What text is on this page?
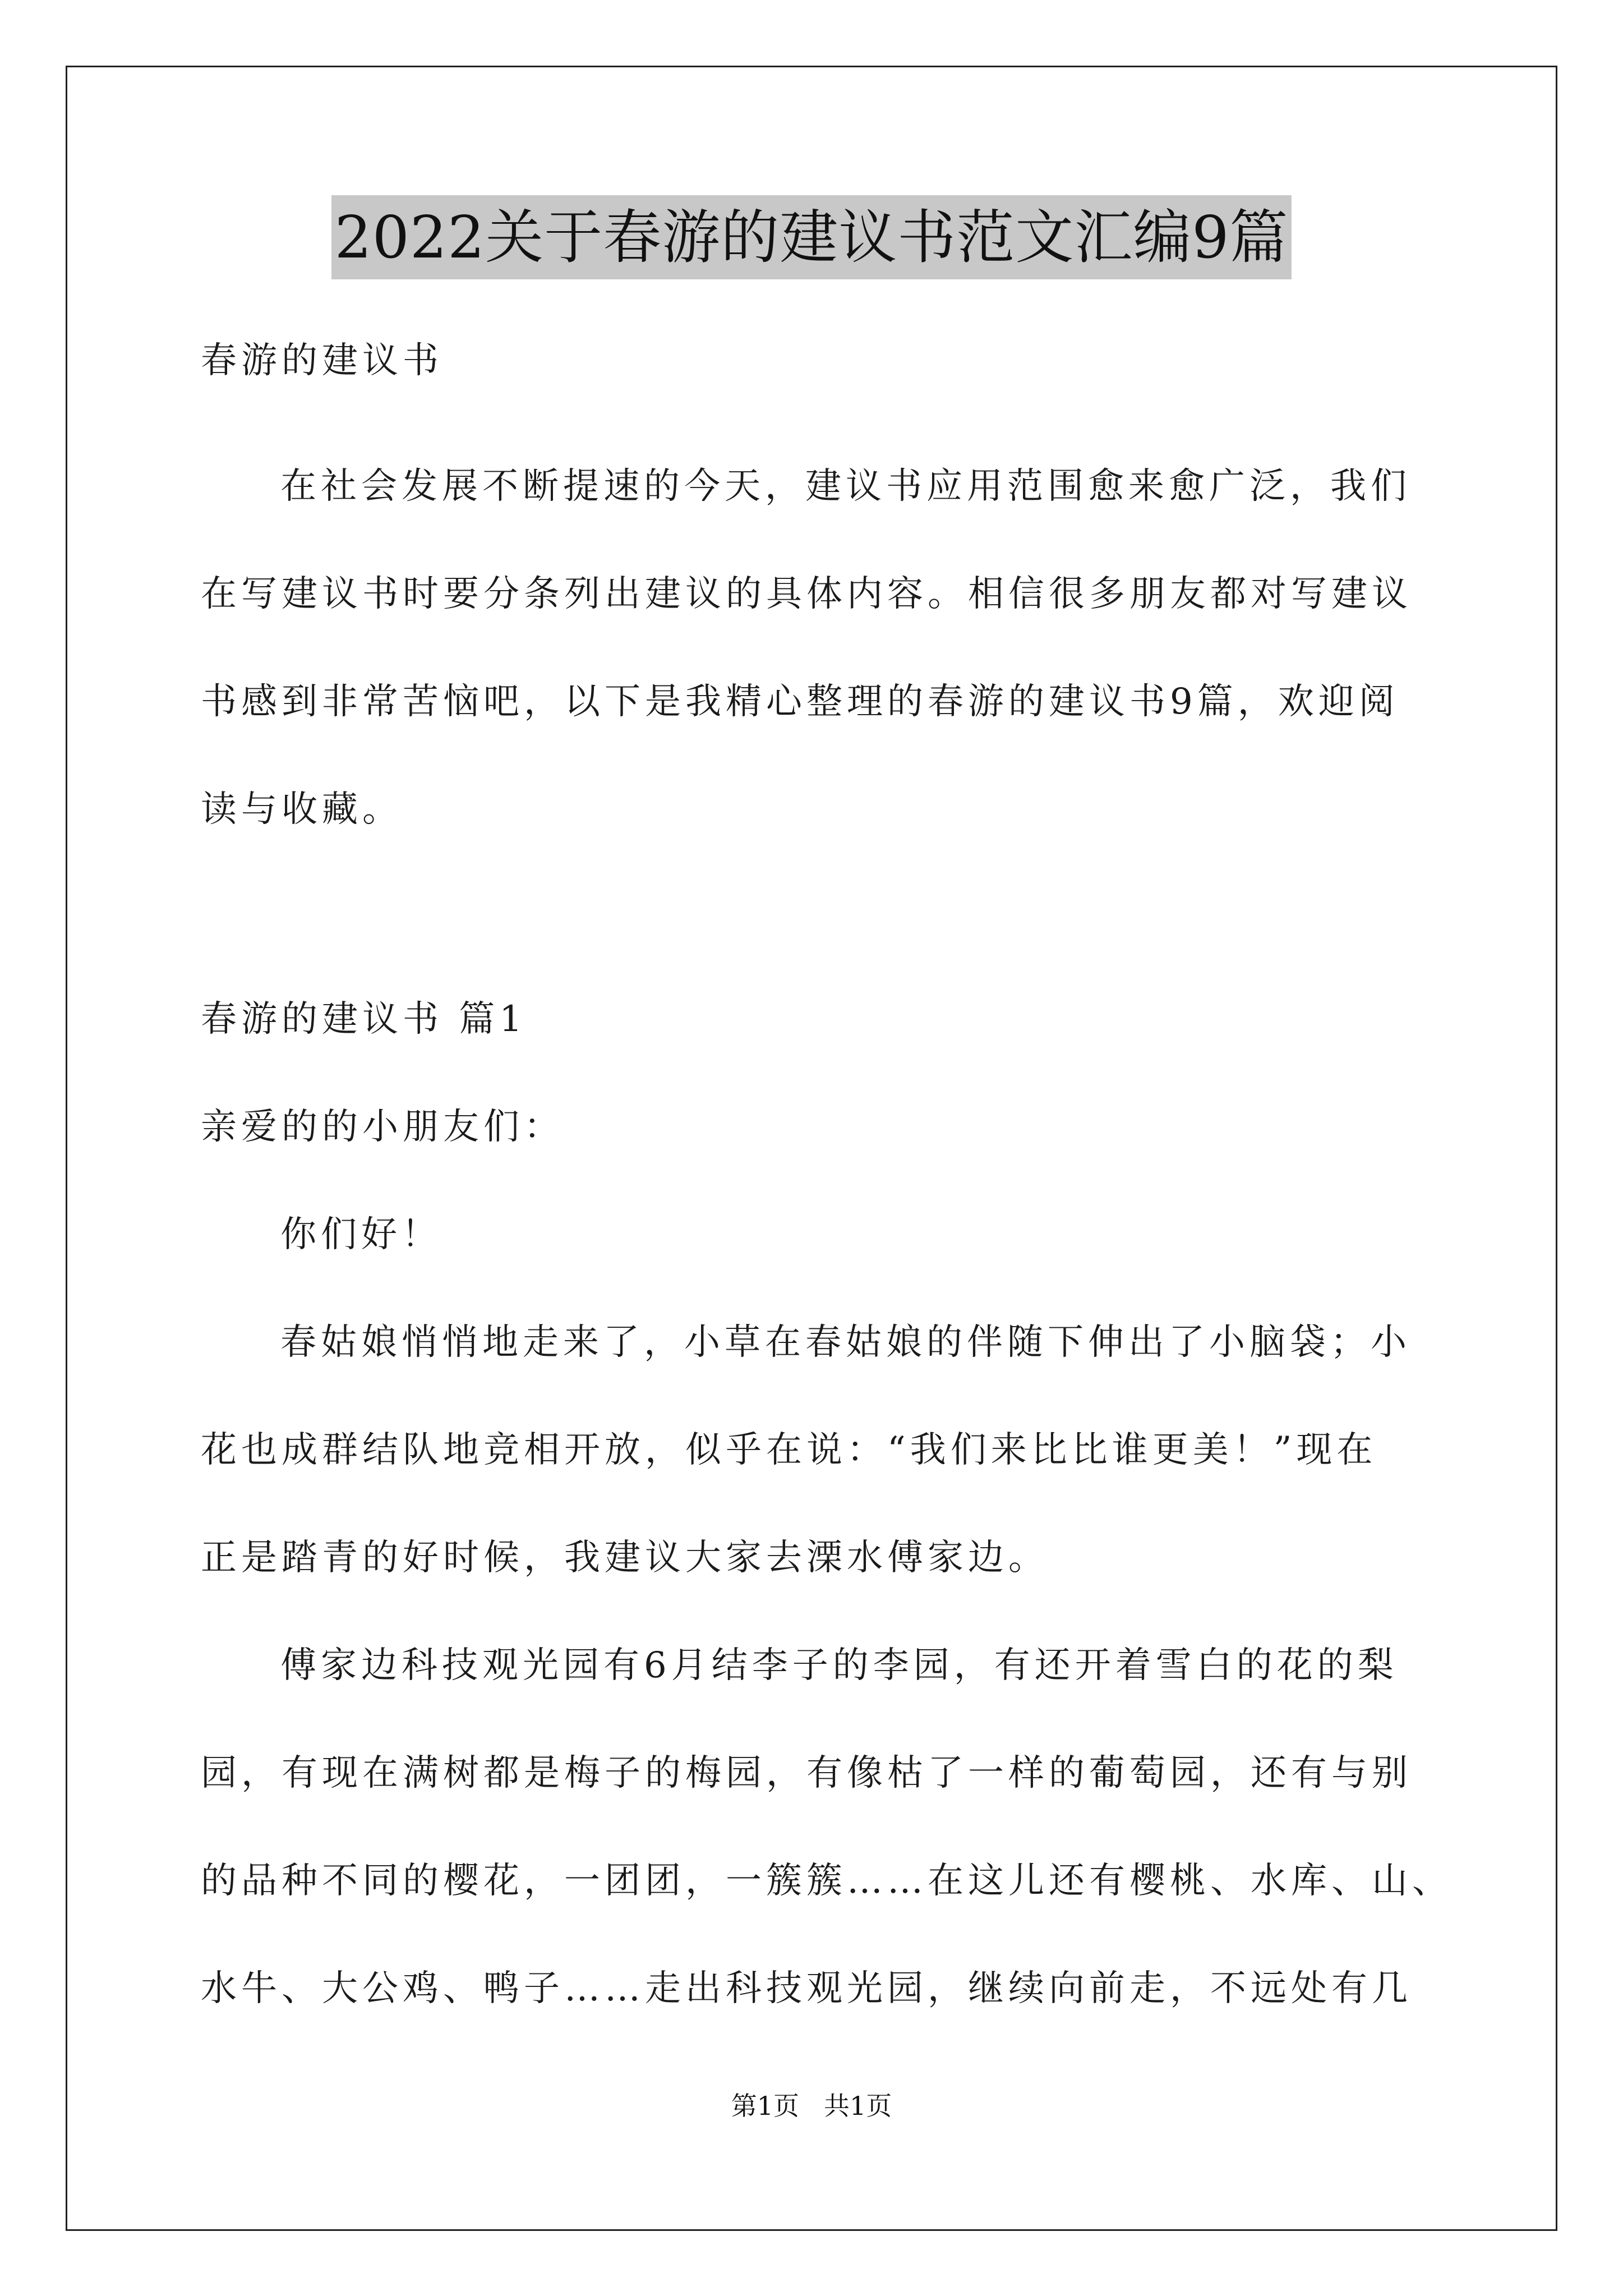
2022关于春游的建议书范文汇编9篇
春游的建议书
在社会发展不断提速的今天，建议书应用范围愈来愈广泛，我们
在写建议书时要分条列出建议的具体内容。相信很多朋友都对写建议
书感到非常苦恼吧，以下是我精心整理的春游的建议书9篇，欢迎阅
读与收藏。
春游的建议书 篇1
亲爱的的小朋友们：
你们好！
春姑娘悄悄地走来了，小草在春姑娘的伴随下伸出了小脑袋；小
花也成群结队地竞相开放，似乎在说：“我们来比比谁更美！”现在
正是踏青的好时候，我建议大家去溧水傅家边。
傅家边科技观光园有6月结李子的李园，有还开着雪白的花的梨
园，有现在满树都是梅子的梅园，有像枯了一样的葡萄园，还有与别
的品种不同的樱花，一团团，一簇簇……在这儿还有樱桃、水库、山、
水牛、大公鸡、鸭子……走出科技观光园，继续向前走，不远处有几
第1页 共1页
